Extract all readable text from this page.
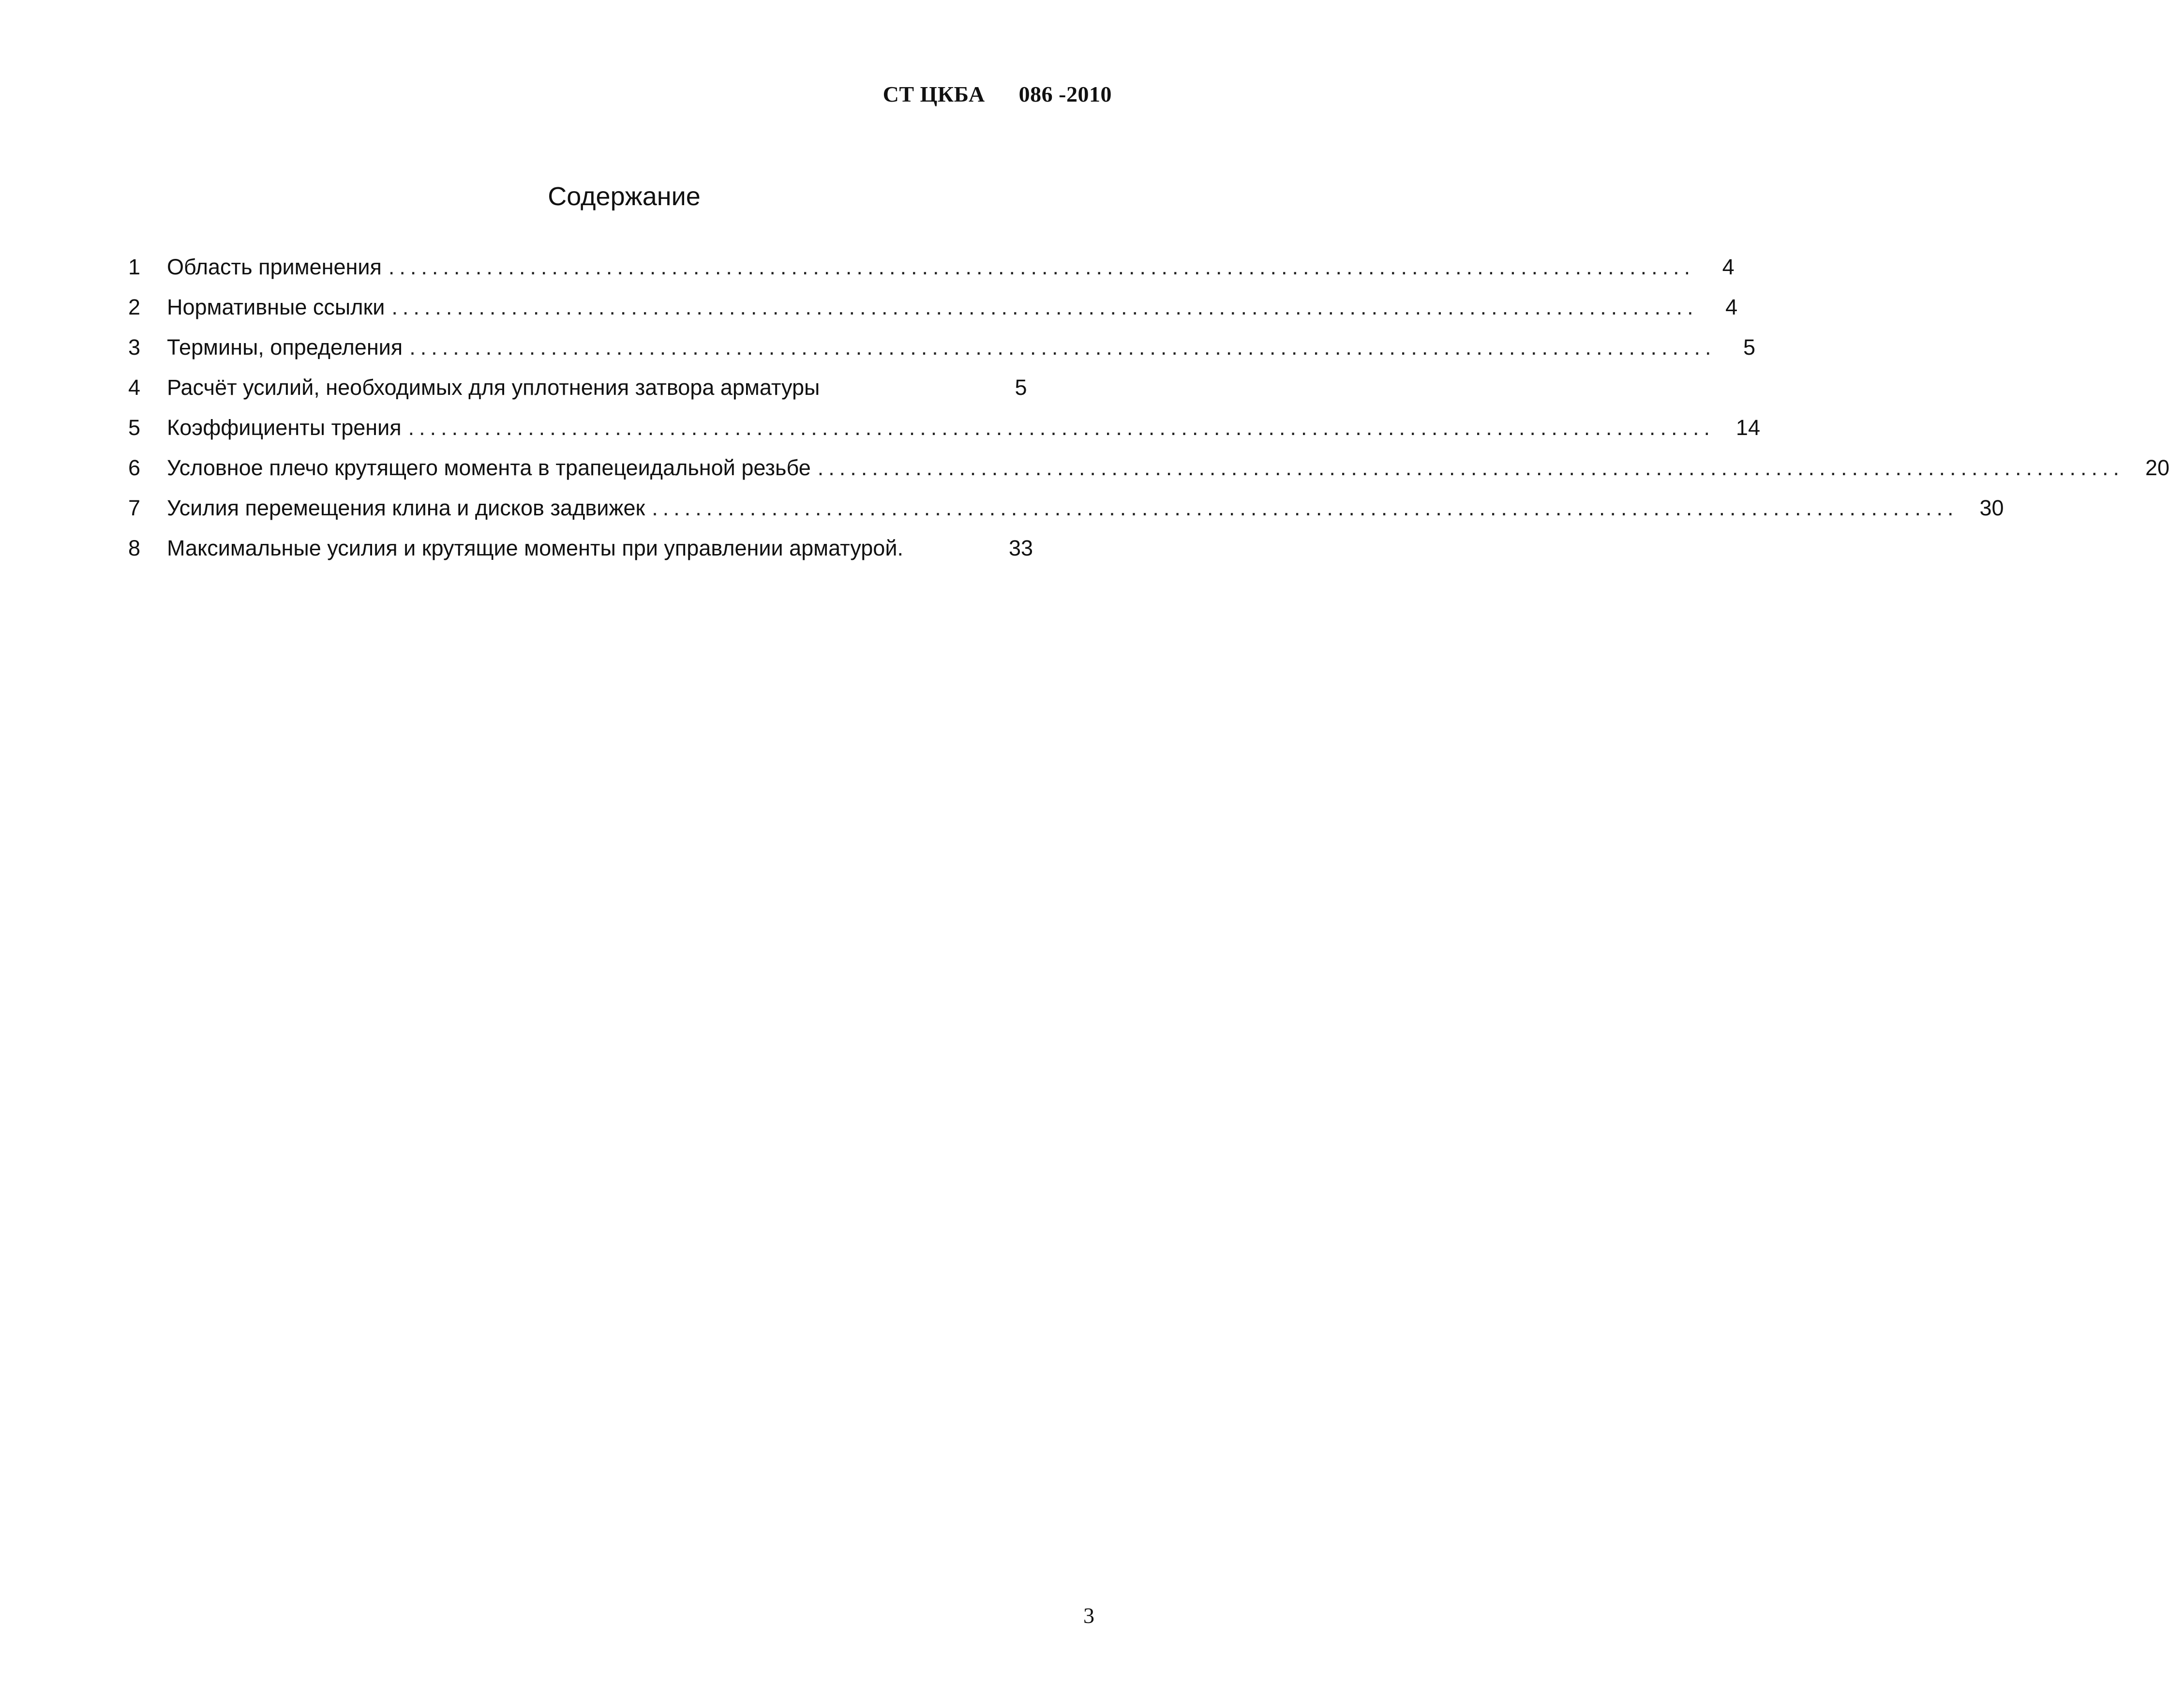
СТ ЦКБА 086 -2010
Содержание
1	Область применения ........................................................................................................................	4
2	Нормативные ссылки ........................................................................................................................	4
3	Термины, определения ........................................................................................................................	5
4	Расчёт усилий, необходимых для уплотнения затвора арматуры	5
5	Коэффициенты трения ........................................................................................................................ 14
6	Условное плечо крутящего момента в трапецеидальной резьбе ........................................................................................................................ 20
7	Усилия перемещения клина и дисков задвижек ........................................................................................................................ 30
8	Максимальные усилия и крутящие моменты при управлении арматурой.	33
3
